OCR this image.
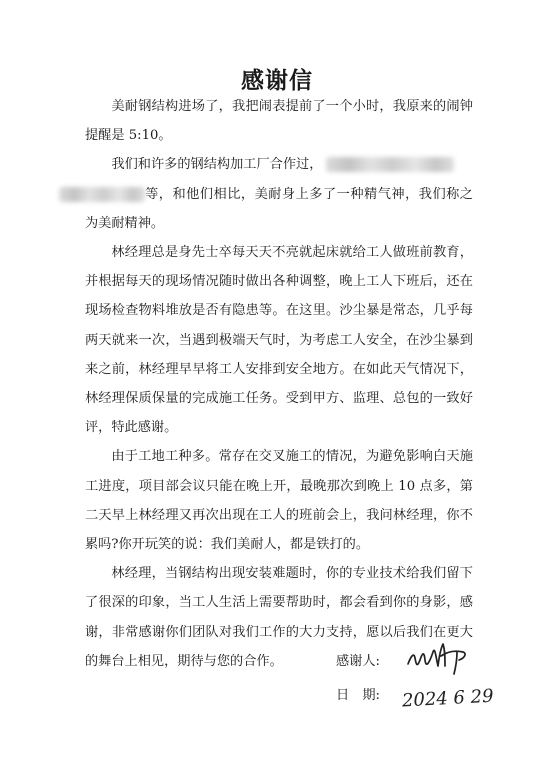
感谢信

美耐钢结构进场了，我把闹表提前了一个小时，我原来的闹钟提醒是 5:10。

我们和许多的钢结构加工厂合作过，
等，和他们相比，美耐身上多了一种精气神，我们称之为美耐精神。

林经理总是身先士卒每天天不亮就起床就给工人做班前教育，并根据每天的现场情况随时做出各种调整，晚上工人下班后，还在现场检查物料堆放是否有隐患等。在这里。沙尘暴是常态，几乎每两天就来一次，当遇到极端天气时，为考虑工人安全，在沙尘暴到来之前，林经理早早将工人安排到安全地方。在如此天气情况下，林经理保质保量的完成施工任务。受到甲方、监理、总包的一致好评，特此感谢。

由于工地工种多。常存在交叉施工的情况，为避免影响白天施工进度，项目部会议只能在晚上开，最晚那次到晚上 10 点多，第二天早上林经理又再次出现在工人的班前会上，我问林经理，你不累吗?你开玩笑的说：我们美耐人，都是铁打的。

林经理，当钢结构出现安装难题时，你的专业技术给我们留下了很深的印象，当工人生活上需要帮助时，都会看到你的身影，感谢，非常感谢你们团队对我们工作的大力支持，愿以后我们在更大的舞台上相见，期待与您的合作。	感谢人:
日　期: 2024 6 29
